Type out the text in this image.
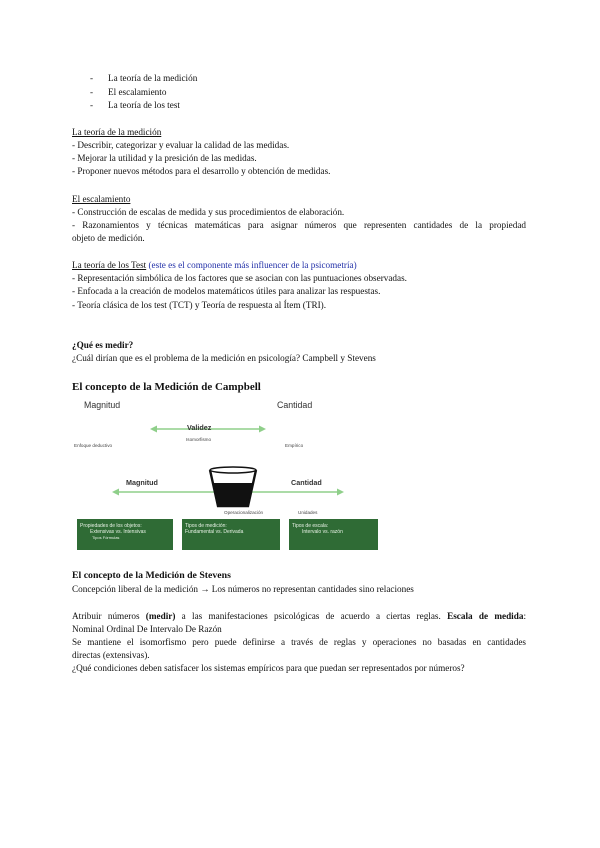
- La teoría de la medición
- El escalamiento
- La teoría de los test
La teoría de la medición
- Describir, categorizar y evaluar la calidad de las medidas.
- Mejorar la utilidad y la presición de las medidas.
- Proponer nuevos métodos para el desarrollo y obtención de medidas.
El escalamiento
- Construcción de escalas de medida y sus procedimientos de elaboración.
- Razonamientos y técnicas matemáticas para asignar números que representen cantidades de la propiedad
objeto de medición.
La teoría de los Test (este es el componente más influencer de la psicometría)
- Representación simbólica de los factores que se asocian con las puntuaciones observadas.
- Enfocada a la creación de modelos matemáticos útiles para analizar las respuestas.
- Teoría clásica de los test (TCT) y Teoría de respuesta al Ítem (TRI).
¿Qué es medir?
¿Cuál dirían que es el problema de la medición en psicología? Campbell y Stevens
El concepto de la Medición de Campbell
Magnitud	Cantidad
Validez
Isomorfismo
Enfoque deductivo	Empírico
Magnitud	Cantidad
Operacionalización	Unidades
Propiedades de los objetos:
Extensivas vs. Intensivas
Tipos Fórmulas
Tipos de medición:
Fundamental vs. Derivada
Tipos de escala:
Intervalo vs. razón
El concepto de la Medición de Stevens
Concepción liberal de la medición → Los números no representan cantidades sino relaciones
Atribuir números (medir) a las manifestaciones psicológicas de acuerdo a ciertas reglas. Escala de medida:
Nominal Ordinal De Intervalo De Razón
Se mantiene el isomorfismo pero puede definirse a través de reglas y operaciones no basadas en cantidades
directas (extensivas).
¿Qué condiciones deben satisfacer los sistemas empíricos para que puedan ser representados por números?
